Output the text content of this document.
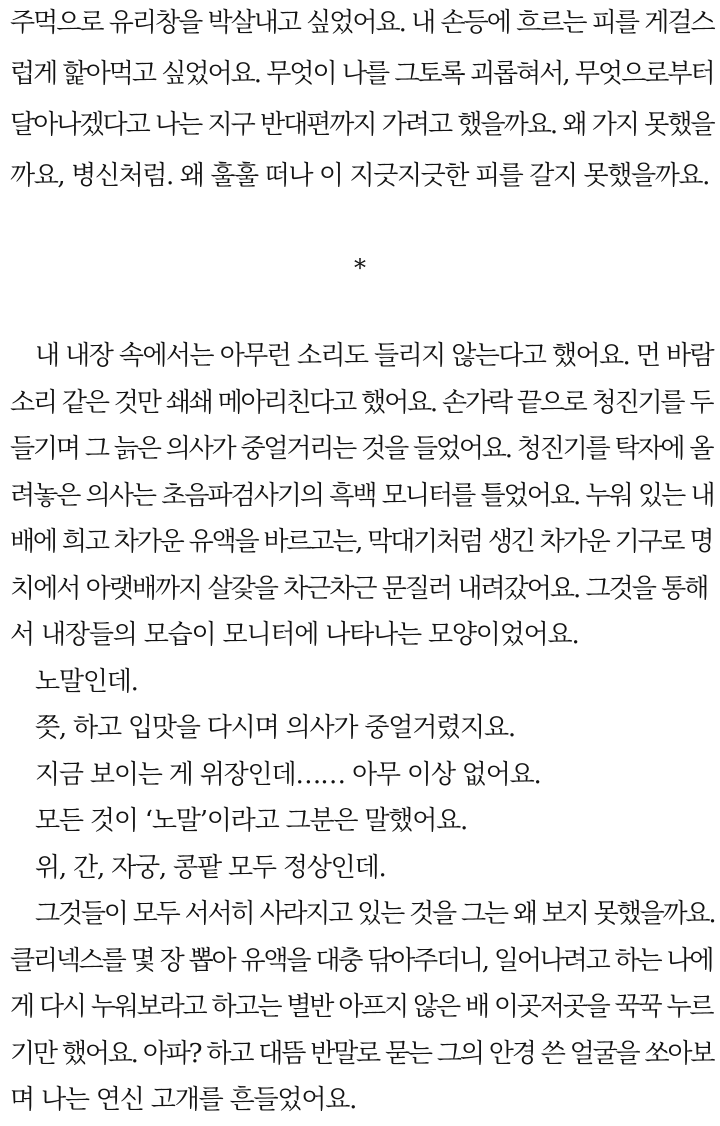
주먹으로 유리창을 박살내고 싶었어요. 내 손등에 흐르는 피를 게걸스
럽게 핥아먹고 싶었어요. 무엇이 나를 그토록 괴롭혀서, 무엇으로부터
달아나겠다고 나는 지구 반대편까지 가려고 했을까요. 왜 가지 못했을
까요, 병신처럼. 왜 훌훌 떠나 이 지긋지긋한 피를 갈지 못했을까요.
*
내 내장 속에서는 아무런 소리도 들리지 않는다고 했어요. 먼 바람
소리 같은 것만 쇄쇄 메아리친다고 했어요. 손가락 끝으로 청진기를 두
들기며 그 늙은 의사가 중얼거리는 것을 들었어요. 청진기를 탁자에 올
려놓은 의사는 초음파검사기의 흑백 모니터를 틀었어요. 누워 있는 내
배에 희고 차가운 유액을 바르고는, 막대기처럼 생긴 차가운 기구로 명
치에서 아랫배까지 살갗을 차근차근 문질러 내려갔어요. 그것을 통해
서 내장들의 모습이 모니터에 나타나는 모양이었어요.
노말인데.
쯧, 하고 입맛을 다시며 의사가 중얼거렸지요.
지금 보이는 게 위장인데…… 아무 이상 없어요.
모든 것이 ‘노말’이라고 그분은 말했어요.
위, 간, 자궁, 콩팥 모두 정상인데.
그것들이 모두 서서히 사라지고 있는 것을 그는 왜 보지 못했을까요.
클리넥스를 몇 장 뽑아 유액을 대충 닦아주더니, 일어나려고 하는 나에
게 다시 누워보라고 하고는 별반 아프지 않은 배 이곳저곳을 꾹꾹 누르
기만 했어요. 아파? 하고 대뜸 반말로 묻는 그의 안경 쓴 얼굴을 쏘아보
며 나는 연신 고개를 흔들었어요.
